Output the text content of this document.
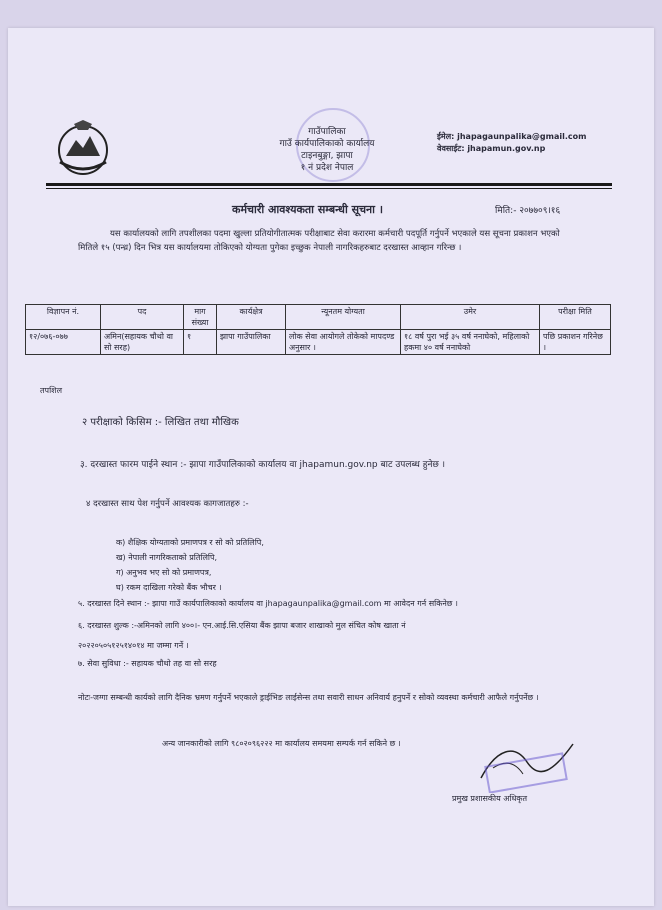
गाउँपालिका
गाउँ कार्यपालिकाको कार्यालय
टाइनबुङ्गा, झापा
१ नं प्रदेश नेपाल
ईमेल: jhapagaunpalika@gmail.com
वेवसाईट: jhapamun.gov.np
कर्मचारी आवश्यकता सम्बन्धी सूचना ।	मिति:- २०७७०९।१६
यस कार्यालयको लागि तपशीलका पदमा खुल्ला प्रतियोगीतात्मक परीक्षाबाट सेवा करारमा कर्मचारी पदपूर्ति गर्नुपर्ने भएकाले यस सूचना प्रकाशन भएको मितिले १५ (पन्ध्र) दिन भित्र यस कार्यालयमा तोकिएको योग्यता पुगेका इच्छुक नेपाली नागरिकहरुबाट दरखास्त आव्हान गरिन्छ ।
विज्ञापन नं.	पद	माग संख्या	कार्यक्षेत्र	न्यूनतम योग्यता	उमेर	परीक्षा मिति
१२/०७६-०७७	अमिन(सहायक चौथो वा सो सरह)	१	झापा गाउँपालिका	लोक सेवा आयोगले तोकेको मापदण्ड अनुसार ।	१८ वर्ष पुरा भई ३५ वर्ष ननाघेको, महिलाको हकमा ४० वर्ष ननाघेको	पछि प्रकाशन गरिनेछ ।
तपशिल
२ परीक्षाको किसिम :- लिखित तथा मौखिक
३. दरखास्त फारम पाईने स्थान :- झापा गाउँपालिकाको कार्यालय वा jhapamun.gov.np बाट उपलब्ध हुनेछ ।
४ दरखास्त साथ पेश गर्नुपर्ने आवश्यक कागजातहरु :-
क) शैक्षिक योग्यताको प्रमाणपत्र र सो को प्रतिलिपि,
ख) नेपाली नागरिकताको प्रतिलिपि,
ग) अनुभव भए सो को प्रमाणपत्र,
घ) रकम दाखिला गरेको बैंक भौचर ।
५. दरखास्त दिने स्थान :- झापा गाउँ कार्यपालिकाको कार्यालय वा jhapagaunpalika@gmail.com मा आवेदन गर्न सकिनेछ ।
६. दरखास्त शुल्क :-अमिनको लागि ४००।- एन.आई.सि.एसिया बैंक झापा बजार शाखाको मुल संचित कोष खाता नं
२०२२०५०५१२५१४०१४ मा जम्मा गर्ने ।
७. सेवा सुविधा :- सहायक चौथो तह वा सो सरह
नोटः-जग्गा सम्बन्धी कार्यको लागि दैनिक भ्रमण गर्नुपर्ने भएकाले ड्राईभिङ लाईसेन्स तथा सवारी साधन अनिवार्य हनुपर्ने र सोको व्यवस्था कर्मचारी आफैले गर्नुपर्नेछ ।
अन्य जानकारीको लागि ९८०२०९६२२२ मा कार्यालय समयमा सम्पर्क गर्न सकिने छ ।
प्रमुख प्रशासकीय अधिकृत
